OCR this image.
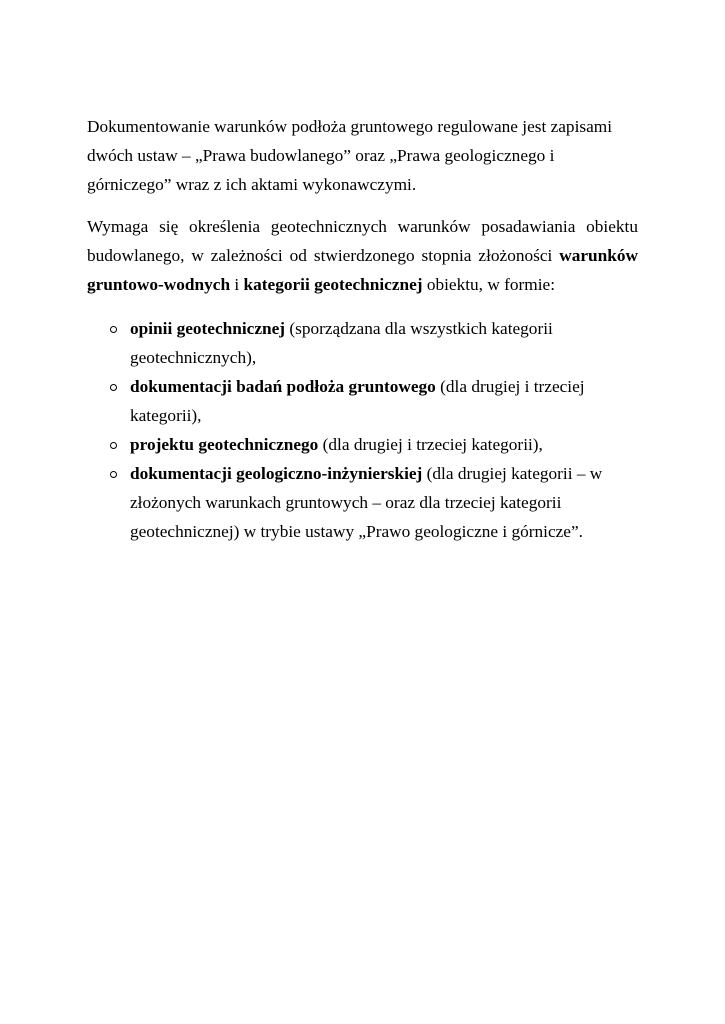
Dokumentowanie warunków podłoża gruntowego regulowane jest zapisami dwóch ustaw – „Prawa budowlanego” oraz „Prawa geologicznego i górniczego” wraz z ich aktami wykonawczymi.

Wymaga się określenia geotechnicznych warunków posadawiania obiektu budowlanego, w zależności od stwierdzonego stopnia złożoności warunków gruntowo-wodnych i kategorii geotechnicznej obiektu, w formie:

opinii geotechnicznej (sporządzana dla wszystkich kategorii geotechnicznych),
dokumentacji badań podłoża gruntowego (dla drugiej i trzeciej kategorii),
projektu geotechnicznego (dla drugiej i trzeciej kategorii),
dokumentacji geologiczno-inżynierskiej (dla drugiej kategorii – w złożonych warunkach gruntowych – oraz dla trzeciej kategorii geotechnicznej) w trybie ustawy „Prawo geologiczne i górnicze”.
